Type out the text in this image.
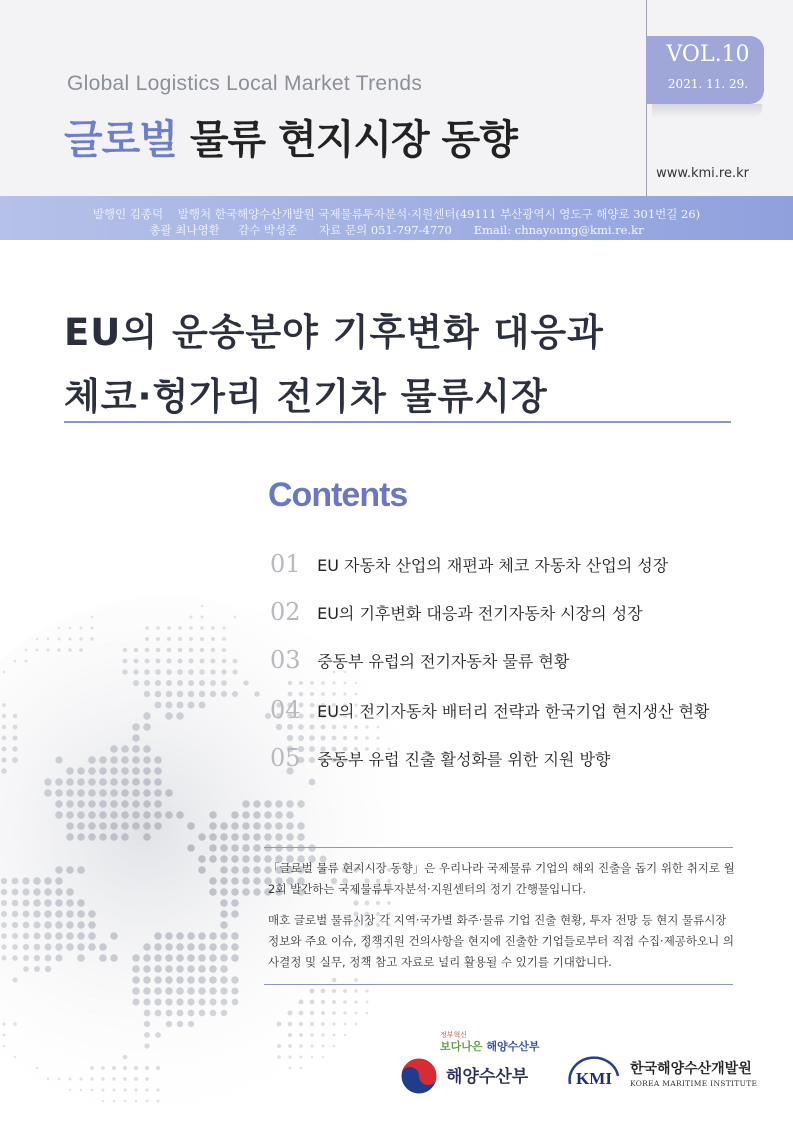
VOL.10
2021. 11. 29.
Global Logistics Local Market Trends
글로벌 물류 현지시장 동향
www.kmi.re.kr
발행인 김종덕    발행처 한국해양수산개발원 국제물류투자분석·지원센터(49111 부산광역시 영도구 해양로 301번길 26)
총괄 최나영환     감수 박성준      자료 문의 051-797-4770      Email: chnayoung@kmi.re.kr
EU의 운송분야 기후변화 대응과
체코·헝가리 전기차 물류시장
Contents
01 EU 자동차 산업의 재편과 체코 자동차 산업의 성장
02 EU의 기후변화 대응과 전기자동차 시장의 성장
03 중동부 유럽의 전기자동차 물류 현황
04 EU의 전기자동차 배터리 전략과 한국기업 현지생산 현황
05 중동부 유럽 진출 활성화를 위한 지원 방향
「글로벌 물류 현지시장 동향」은 우리나라 국제물류 기업의 해외 진출을 돕기 위한 취지로 월 2회 발간하는 국제물류투자분석·지원센터의 정기 간행물입니다.
매호 글로벌 물류시장 각 지역·국가별 화주·물류 기업 진출 현황, 투자 전망 등 현지 물류시장 정보와 주요 이슈, 정책지원 건의사항을 현지에 진출한 기업들로부터 직접 수집·제공하오니 의사결정 및 실무, 정책 참고 자료로 널리 활용될 수 있기를 기대합니다.
정부혁신
보다나은 해양수산부
해양수산부	KMI 한국해양수산개발원
KOREA MARITIME INSTITUTE
